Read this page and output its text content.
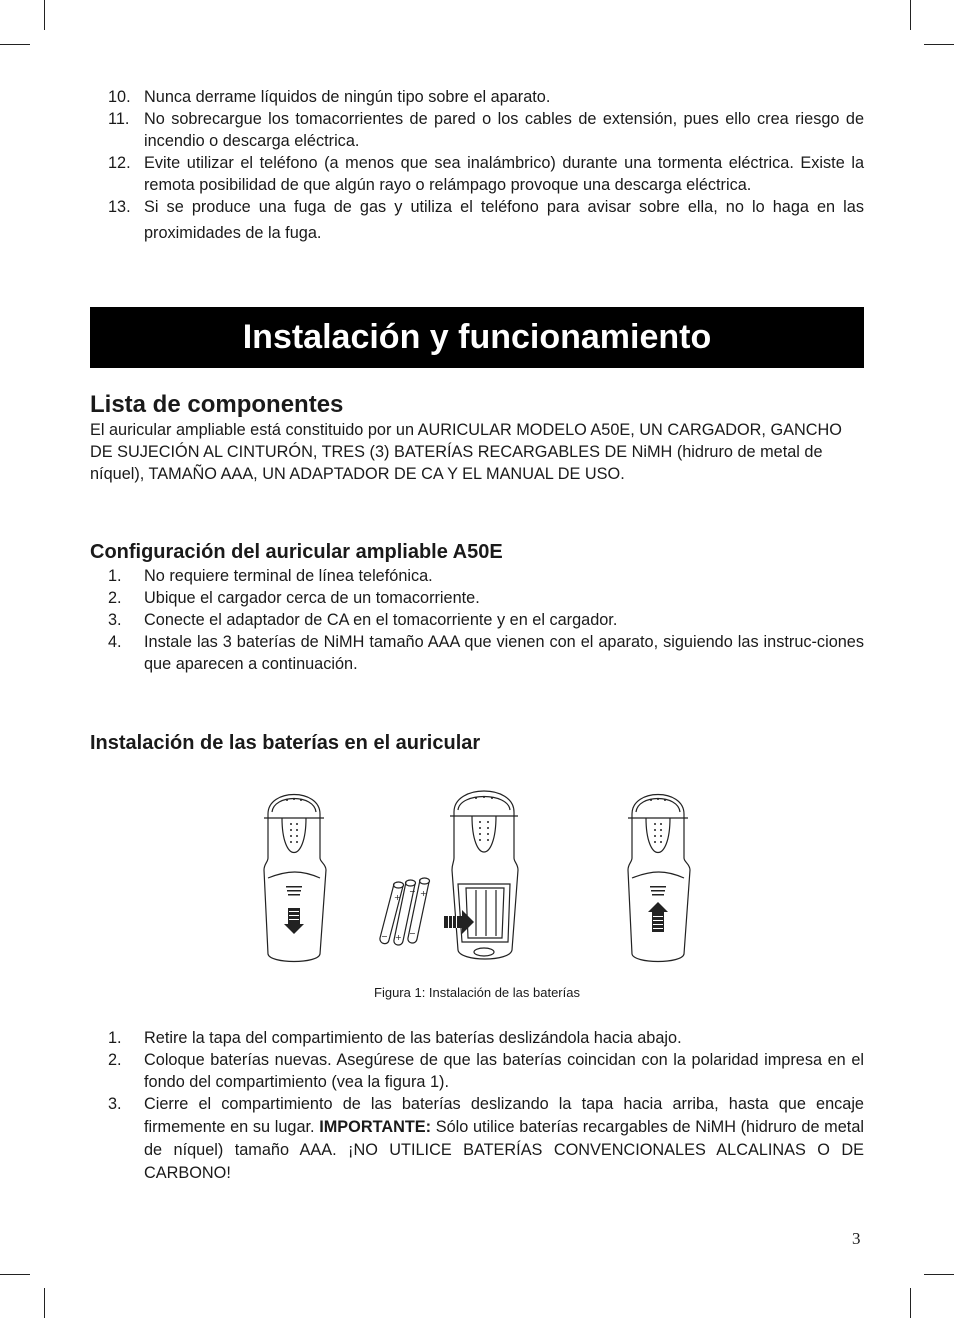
10. Nunca derrame líquidos de ningún tipo sobre el aparato.
11. No sobrecargue los tomacorrientes de pared o los cables de extensión, pues ello crea riesgo de incendio o descarga eléctrica.
12. Evite utilizar el teléfono (a menos que sea inalámbrico) durante una tormenta eléctrica. Existe la remota posibilidad de que algún rayo o relámpago provoque una descarga eléctrica.
13. Si se produce una fuga de gas y utiliza el teléfono para avisar sobre ella, no lo haga en las proximidades de la fuga.
Instalación y funcionamiento
Lista de componentes

El auricular ampliable está constituido por un AURICULAR MODELO A50E, UN CARGADOR, GANCHO DE SUJECIÓN AL CINTURÓN, TRES (3) BATERÍAS RECARGABLES DE NiMH (hidruro de metal de níquel), TAMAÑO AAA, UN ADAPTADOR DE CA Y EL MANUAL DE USO.

Configuración del auricular ampliable A50E
1.	No requiere terminal de línea telefónica.
2.	Ubique el cargador cerca de un tomacorriente.
3.	Conecte el adaptador de CA en el tomacorriente y en el cargador.
4.	Instale las 3 baterías de NiMH tamaño AAA que vienen con el aparato, siguiendo las instruc-ciones que aparecen a continuación.
Instalación de las baterías en el auricular
+
− +
− + −
Figura 1: Instalación de las baterías
1.	Retire la tapa del compartimiento de las baterías deslizándola hacia abajo.
2.	Coloque baterías nuevas. Asegúrese de que las baterías coincidan con la polaridad impresa en el fondo del compartimiento (vea la figura 1).
3.	Cierre el compartimiento de las baterías deslizando la tapa hacia arriba, hasta que encaje firmemente en su lugar. IMPORTANTE: Sólo utilice baterías recargables de NiMH (hidruro de metal de níquel) tamaño AAA. ¡NO UTILICE BATERÍAS CONVENCIONALES ALCALINAS O DE CARBONO!
3
